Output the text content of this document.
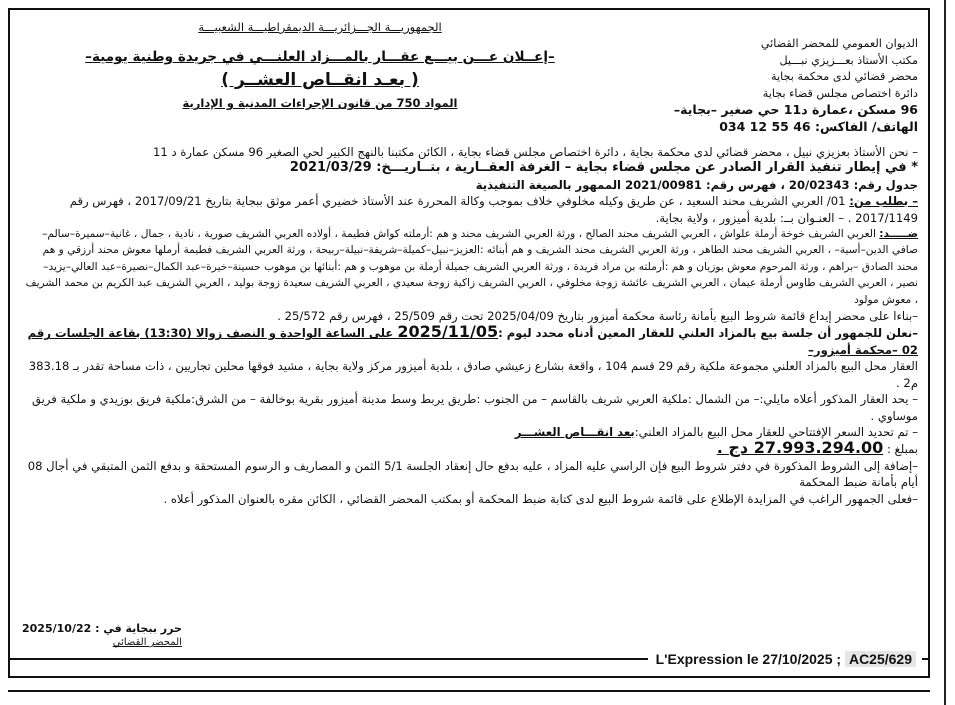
الديوان العمومي للمحضر القضائي
مكتب الأستاذ بعـــزيزي نبـــيل
محضر قضائي لدى محكمة بجاية
دائرة اختصاص مجلس قضاء بجاية
96 مسكن ،عمارة د11 حي صغير –بجاية–
الهاتف/ الفاكس: 46 55 12 034
الجمهوريـــة الجـــزائريـــة الديمقراطيـــة الشعبيـــة
–إعــلان عـــن بيـــع عقـــار بالمـــزاد العلنـــي في جريدة وطنية يومية–
( بعـد انقــاص العشــر )
المواد 750 من قانون الإجراءات المدنية و الإدارية

– نحن الأستاذ بعزيزي نبيل ، محضر قضائي لدى محكمة بجاية ، دائرة اختصاص مجلس قضاء بجاية ، الكائن مكتبنا بالنهج الكبير لحي الصغير 96 مسكن عمارة د 11

* في إيطار تنفيذ القرار الصادر عن مجلس قضاء بجاية – الغرفة العقــارية ، بتــاريـــخ: 2021/03/29

جدول رقم: 20/02343 ، فهرس رقم: 2021/00981 الممهور بالصيغة التنفيذية

– بطلب من: 01/ العربي الشريف محند السعيد ، عن طريق وكيله مخلوفي خلاف بموجب وكالة المحررة عند الأستاذ خضيري أعمر موثق ببجاية بتاريخ 2017/09/21 ، فهرس رقم 2017/1149 . – العنـوان بــ: بلدية أميزور ، ولاية بجاية.

ضـــــد: العربي الشريف خوخة أرملة علواش ، العربي الشريف محند الصالح ، ورثة العربي الشريف محند و هم :أرملته كواش فطيمة ، أولاده العربي الشريف صورية ، نادية ، جمال ، غانية–سميرة–سالم–صافي الدين–أسية– ، العربي الشريف محند الطاهر ، ورثة العربي الشريف محند الشريف و هم أبنائه :العزيز–نبيل–كميلة–شريفة–نبيلة–ربيحة ، ورثة العربي الشريف فطيمة أرملها معوش محند أرزقي و هم محند الصادق –براهم ، ورثة المرحوم معوش بوزيان و هم :أرملته بن مراد فريدة ، ورثة العربي الشريف جميلة أرملة بن موهوب و هم :أبنائها بن موهوب حسينة–خيرة–عبد الكمال–نصيرة–عبد العالي–يزيد–نصير ، العربي الشريف طاوس أرملة عيمان ، العربي الشريف عائشة زوجة مخلوفي ، العربي الشريف زاكية زوجة سعيدي ، العربي الشريف سعيدة زوجة بوليد ، العربي الشريف عبد الكريم بن محمد الشريف ، معوش مولود

–بناءا على محضر إيداع قائمة شروط البيع بأمانة رئاسة محكمة أميزور بتاريخ 2025/04/09 تحت رقم 25/509 ، فهرس رقم 25/572 .

–نعلن للجمهور أن جلسة بيع بالمزاد العلني للعقار المعين أدناه محدد ليوم :2025/11/05 على الساعة الواحدة و النصف زوالا (13:30) بقاعة الجلسات رقم 02 –محكمة أميزور–

العقار محل البيع بالمزاد العلني مجموعة ملكية رقم 29 قسم 104 ، واقعة بشارع زعيشي صادق ، بلدية أميزور مركز ولاية بجاية ، مشيد فوقها محلين تجاريين ، ذات مساحة تقدر بـ 383.18 م2 .

– يحد العقار المذكور أعلاه مايلي:– من الشمال :ملكية العربي شريف بالقاسم – من الجنوب :طريق يربط وسط مدينة أميزور بقرية بوخالفة – من الشرق:ملكية فريق بوزيدي و ملكية فريق موساوي .

– تم تحديد السعر الإفتتاحي للعقار محل البيع بالمزاد العلني:بعد انقـــاص العشـــر

بمبلغ : 27.993.294.00 دج .

–إضافة إلى الشروط المذكورة في دفتر شروط البيع فإن الراسي عليه المزاد ، عليه بدفع حال إنعقاد الجلسة 5/1 الثمن و المصاريف و الرسوم المستحقة و بدفع الثمن المتبقي في أجال 08 أيام بأمانة ضبط المحكمة

–فعلى الجمهور الراغب في المزايدة الإطلاع على قائمة شروط البيع لدى كتابة ضبط المحكمة أو بمكتب المحضر القضائي ، الكائن مقره بالعنوان المذكور أعلاه .

حرر ببجاية في : 2025/10/22
المحضر القضائي
L'Expression le 27/10/2025 ; AC25/629
